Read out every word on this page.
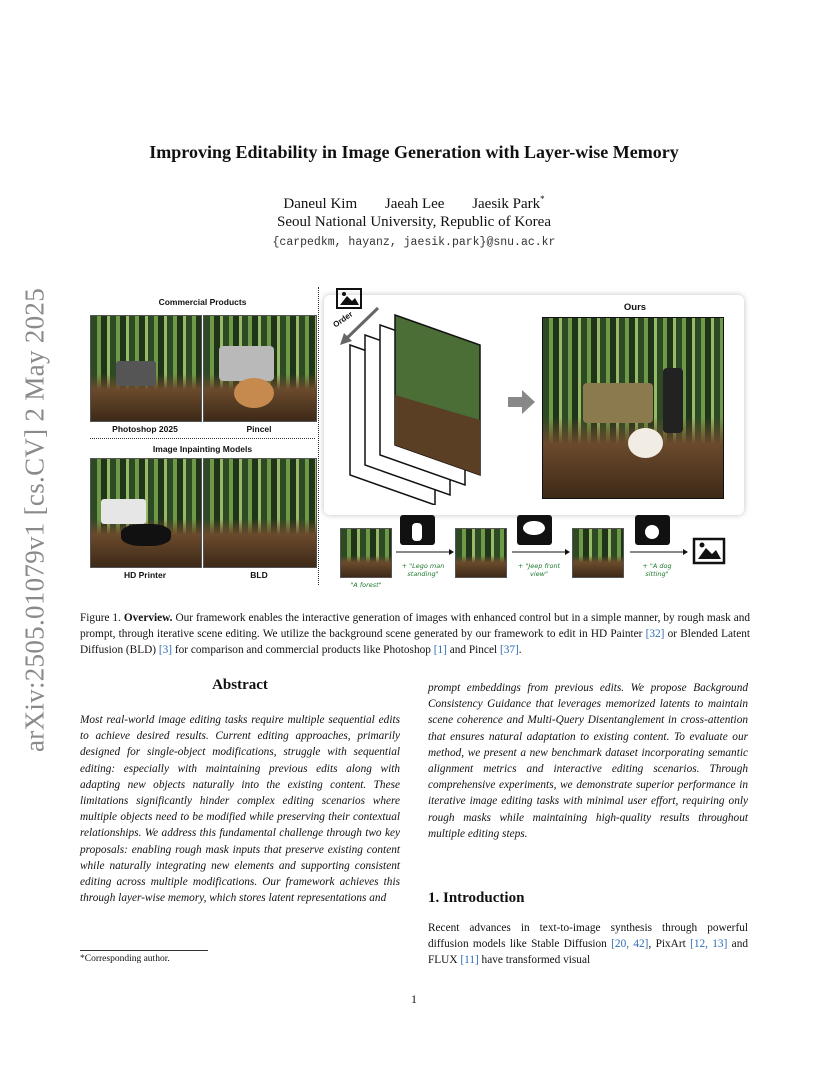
arXiv:2505.01079v1 [cs.CV] 2 May 2025
Improving Editability in Image Generation with Layer-wise Memory
Daneul Kim Jaeah Lee Jaesik Park*
Seoul National University, Republic of Korea
{carpedkm, hayanz, jaesik.park}@snu.ac.kr
Commercial Products
Photoshop 2025	Pincel
Image Inpainting Models
HD Printer	BLD
Order
Ours
"A forest"
+ "Lego man standing"
+ "Jeep front view"
+ "A dog sitting"
Figure 1. Overview. Our framework enables the interactive generation of images with enhanced control but in a simple manner, by rough mask and prompt, through iterative scene editing. We utilize the background scene generated by our framework to edit in HD Painter [32] or Blended Latent Diffusion (BLD) [3] for comparison and commercial products like Photoshop [1] and Pincel [37].
Abstract
Most real-world image editing tasks require multiple sequential edits to achieve desired results. Current editing approaches, primarily designed for single-object modifications, struggle with sequential editing: especially with maintaining previous edits along with adapting new objects naturally into the existing content. These limitations significantly hinder complex editing scenarios where multiple objects need to be modified while preserving their contextual relationships. We address this fundamental challenge through two key proposals: enabling rough mask inputs that preserve existing content while naturally integrating new elements and supporting consistent editing across multiple modifications. Our framework achieves this through layer-wise memory, which stores latent representations and
prompt embeddings from previous edits. We propose Background Consistency Guidance that leverages memorized latents to maintain scene coherence and Multi-Query Disentanglement in cross-attention that ensures natural adaptation to existing content. To evaluate our method, we present a new benchmark dataset incorporating semantic alignment metrics and interactive editing scenarios. Through comprehensive experiments, we demonstrate superior performance in iterative image editing tasks with minimal user effort, requiring only rough masks while maintaining high-quality results throughout multiple editing steps.
1. Introduction
Recent advances in text-to-image synthesis through powerful diffusion models like Stable Diffusion [20, 42], PixArt [12, 13] and FLUX [11] have transformed visual
*Corresponding author.
1
